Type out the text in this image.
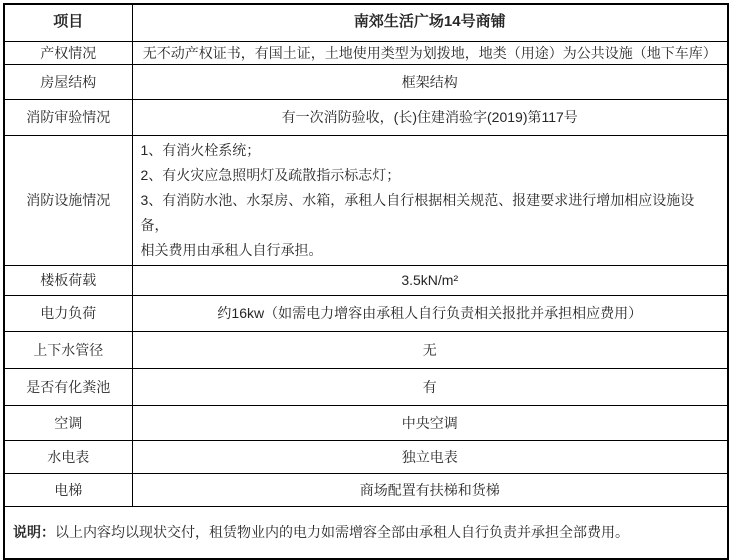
项目	南郊生活广场14号商铺
产权情况	无不动产权证书，有国土证，土地使用类型为划拨地，地类（用途）为公共设施（地下车库）
房屋结构	框架结构
消防审验情况	有一次消防验收，(长)住建消验字(2019)第117号
消防设施情况	1、有消火栓系统；
2、有火灾应急照明灯及疏散指示标志灯；
3、有消防水池、水泵房、水箱，承租人自行根据相关规范、报建要求进行增加相应设施设备，
相关费用由承租人自行承担。

楼板荷载	3.5kN/m²
电力负荷	约16kw（如需电力增容由承租人自行负责相关报批并承担相应费用）
上下水管径	无
是否有化粪池	有
空调	中央空调
水电表	独立电表
电梯	商场配置有扶梯和货梯
说明：以上内容均以现状交付，租赁物业内的电力如需增容全部由承租人自行负责并承担全部费用。	
